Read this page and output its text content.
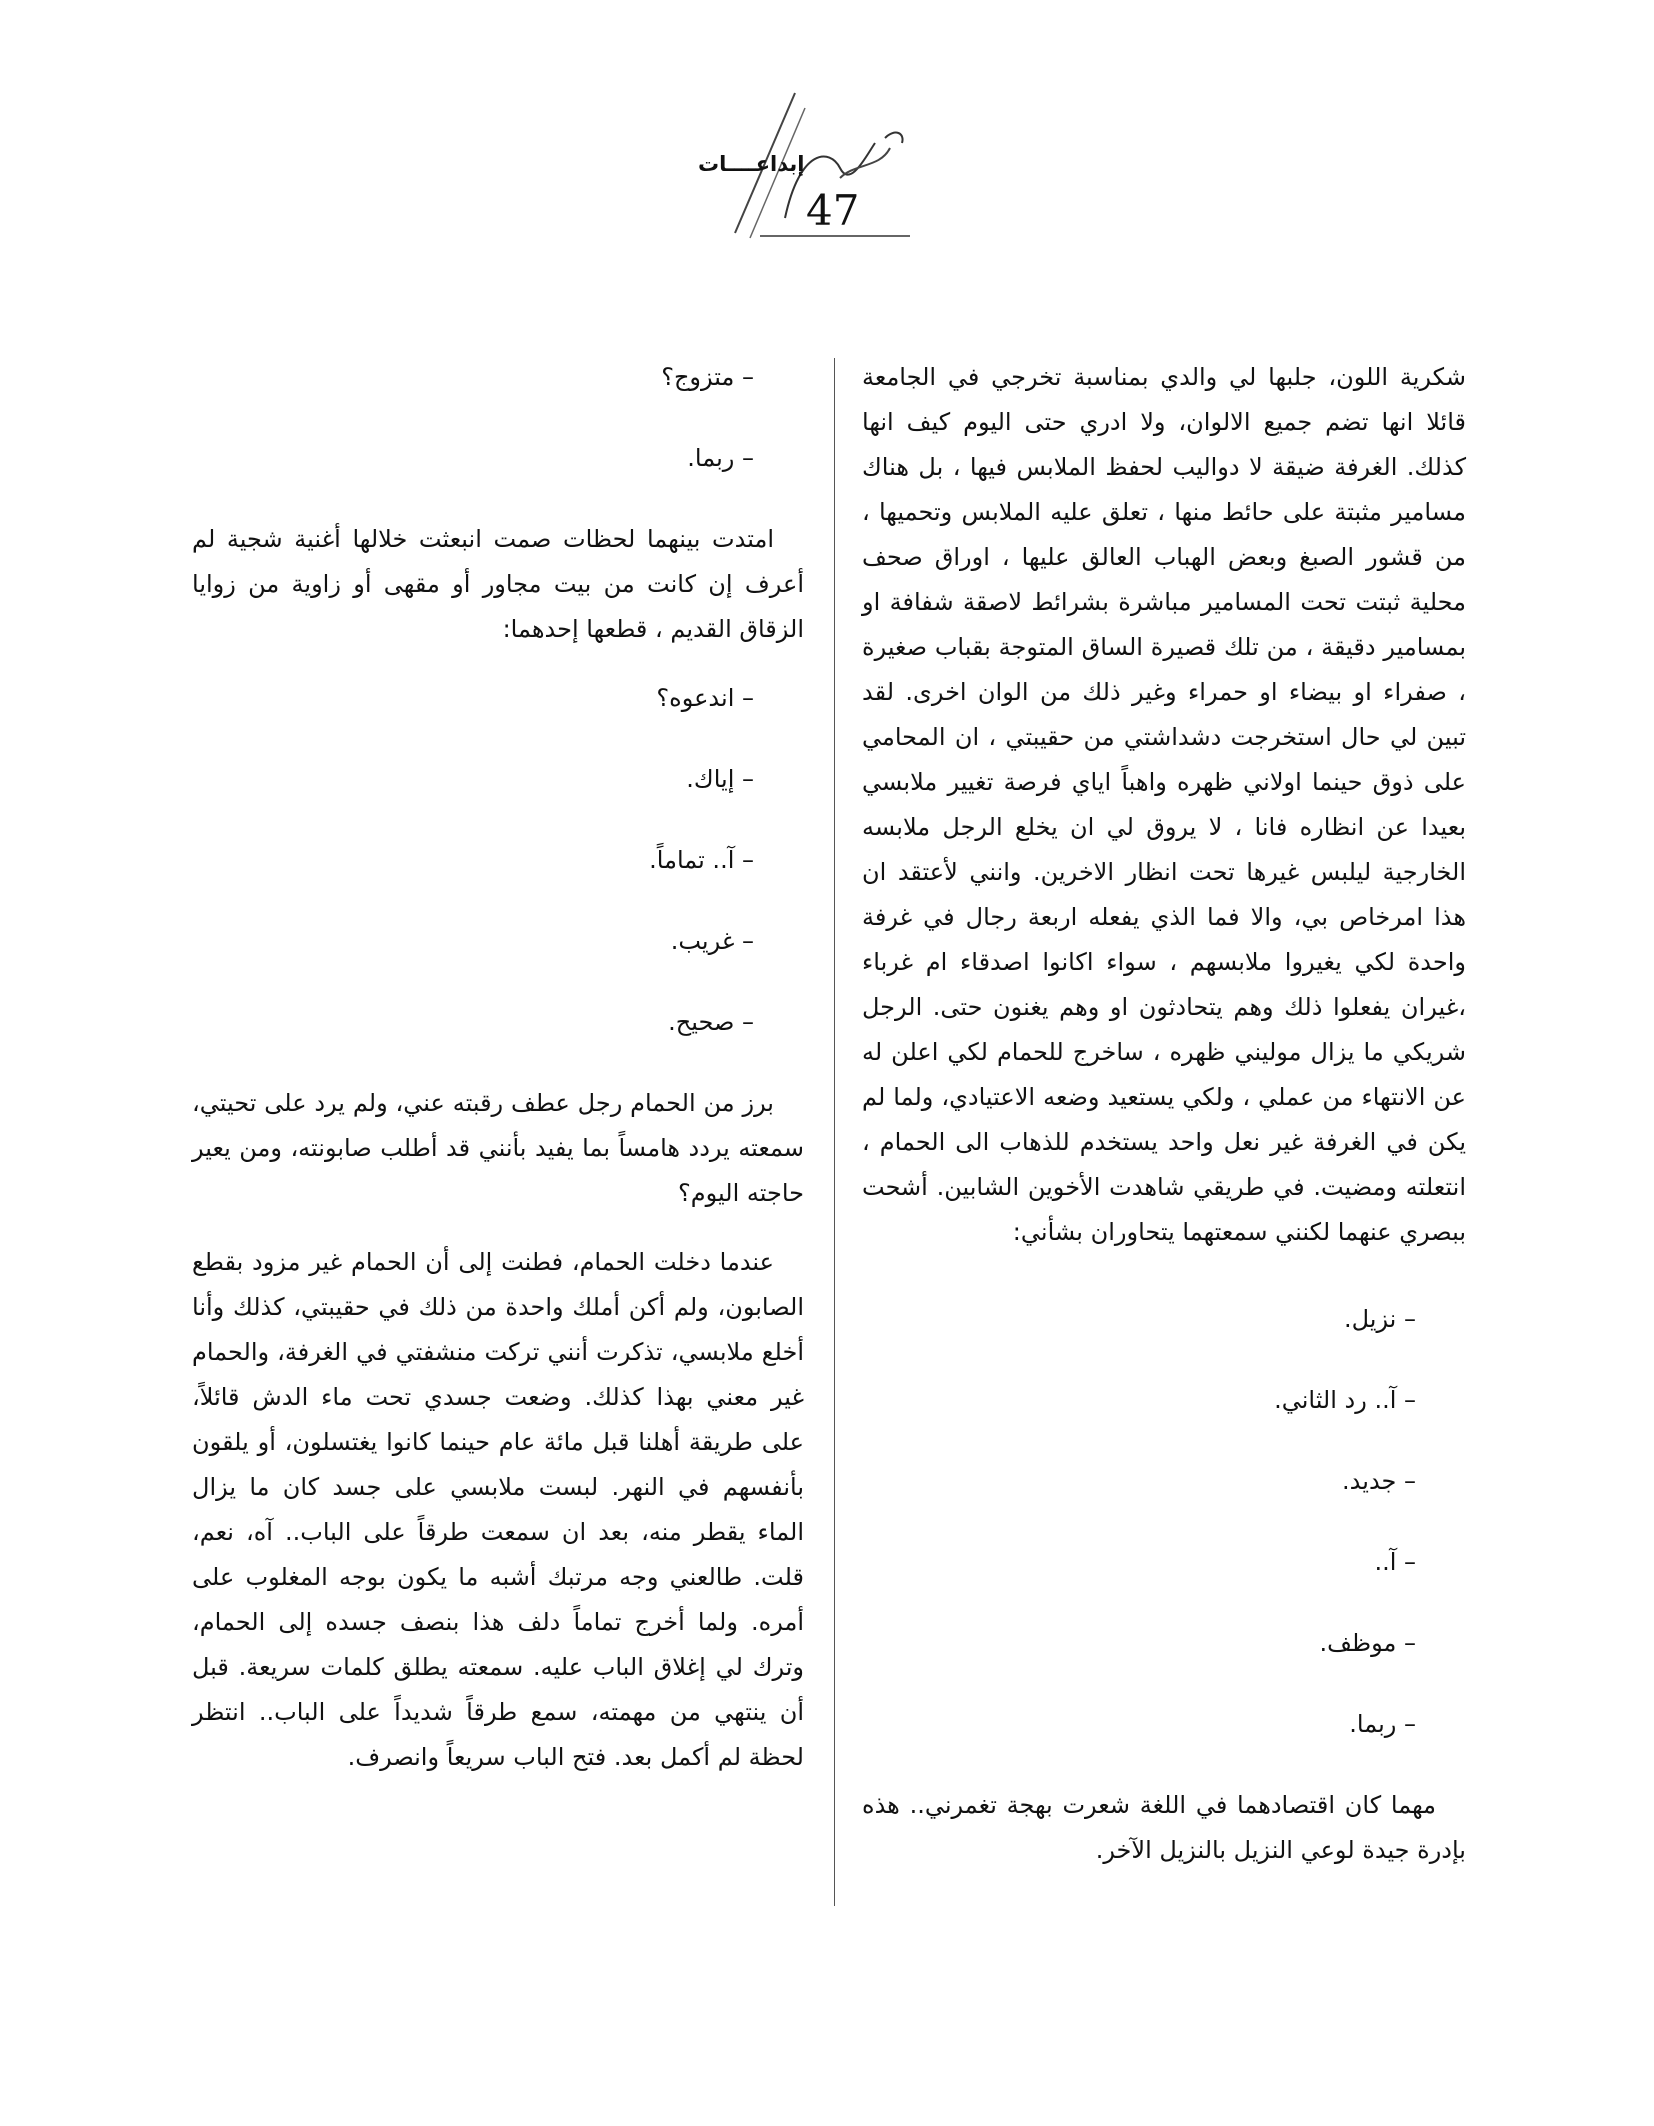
إبداعــــات
47

شكرية اللون، جلبها لي والدي بمناسبة تخرجي في الجامعة قائلا انها تضم جميع الالوان، ولا ادري حتى اليوم كيف انها كذلك. الغرفة ضيقة لا دواليب لحفظ الملابس فيها ، بل هناك مسامير مثبتة على حائط منها ، تعلق عليه الملابس وتحميها ، من قشور الصبغ وبعض الهباب العالق عليها ، اوراق صحف محلية ثبتت تحت المسامير مباشرة بشرائط لاصقة شفافة او بمسامير دقيقة ، من تلك قصيرة الساق المتوجة بقباب صغيرة ، صفراء او بيضاء او حمراء وغير ذلك من الوان اخرى. لقد تبين لي حال استخرجت دشداشتي من حقيبتي ، ان المحامي على ذوق حينما اولاني ظهره واهباً اياي فرصة تغيير ملابسي بعيدا عن انظاره فانا ، لا يروق لي ان يخلع الرجل ملابسه الخارجية ليلبس غيرها تحت انظار الاخرين. وانني لأعتقد ان هذا امرخاص بي، والا فما الذي يفعله اربعة رجال في غرفة واحدة لكي يغيروا ملابسهم ، سواء اكانوا اصدقاء ام غرباء ،غيران يفعلوا ذلك وهم يتحادثون او وهم يغنون حتى. الرجل شريكي ما يزال موليني ظهره ، ساخرج للحمام لكي اعلن له عن الانتهاء من عملي ، ولكي يستعيد وضعه الاعتيادي، ولما لم يكن في الغرفة غير نعل واحد يستخدم للذهاب الى الحمام ، انتعلته ومضيت. في طريقي شاهدت الأخوين الشابين. أشحت ببصري عنهما لكنني سمعتهما يتحاوران بشأني:

– نزيل.

– آ.. رد الثاني.

– جديد.

– آ..

– موظف.

– ربما.

مهما كان اقتصادهما في اللغة شعرت بهجة تغمرني.. هذه بإدرة جيدة لوعي النزيل بالنزيل الآخر.

– متزوج؟

– ربما.

امتدت بينهما لحظات صمت انبعثت خلالها أغنية شجية لم أعرف إن كانت من بيت مجاور أو مقهى أو زاوية من زوايا الزقاق القديم ، قطعها إحدهما:

– اندعوه؟

– إياك.

– آ.. تماماً.

– غريب.

– صحيح.

برز من الحمام رجل عطف رقبته عني، ولم يرد على تحيتي، سمعته يردد هامساً بما يفيد بأنني قد أطلب صابونته، ومن يعير حاجته اليوم؟

عندما دخلت الحمام، فطنت إلى أن الحمام غير مزود بقطع الصابون، ولم أكن أملك واحدة من ذلك في حقيبتي، كذلك وأنا أخلع ملابسي، تذكرت أنني تركت منشفتي في الغرفة، والحمام غير معني بهذا كذلك. وضعت جسدي تحت ماء الدش قائلاً، على طريقة أهلنا قبل مائة عام حينما كانوا يغتسلون، أو يلقون بأنفسهم في النهر. لبست ملابسي على جسد كان ما يزال الماء يقطر منه، بعد ان سمعت طرقاً على الباب.. آه، نعم، قلت. طالعني وجه مرتبك أشبه ما يكون بوجه المغلوب على أمره. ولما أخرج تماماً دلف هذا بنصف جسده إلى الحمام، وترك لي إغلاق الباب عليه. سمعته يطلق كلمات سريعة. قبل أن ينتهي من مهمته، سمع طرقاً شديداً على الباب.. انتظر لحظة لم أكمل بعد. فتح الباب سريعاً وانصرف.
